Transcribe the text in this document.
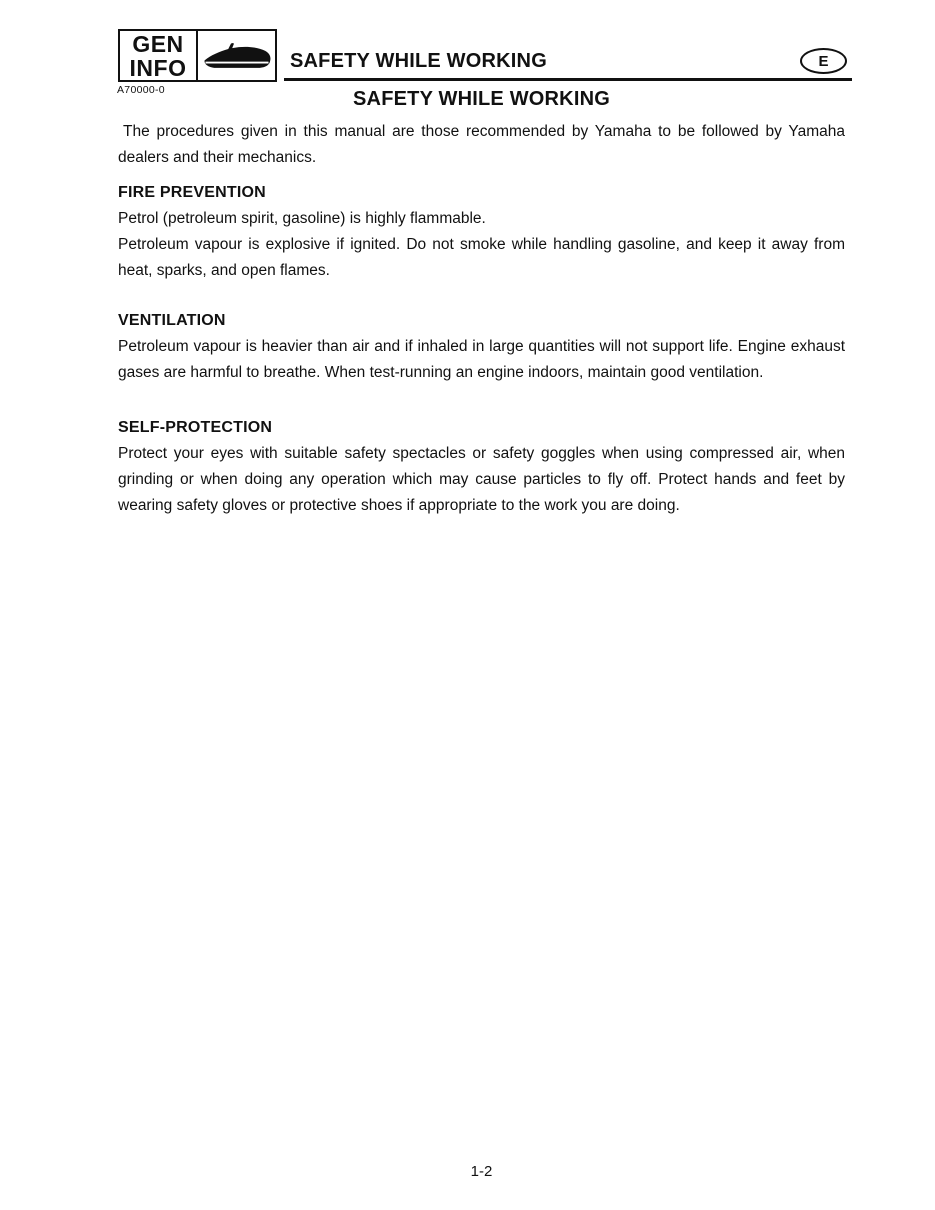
GEN
INFO
A70000-0
SAFETY WHILE WORKING	E
SAFETY WHILE WORKING

The procedures given in this manual are those recommended by Yamaha to be followed by Yamaha dealers and their mechanics.

FIRE PREVENTION

Petrol (petroleum spirit, gasoline) is highly flammable.

Petroleum vapour is explosive if ignited. Do not smoke while handling gasoline, and keep it away from heat, sparks, and open flames.

VENTILATION

Petroleum vapour is heavier than air and if inhaled in large quantities will not support life. Engine exhaust gases are harmful to breathe. When test-running an engine indoors, maintain good ventilation.

SELF-PROTECTION

Protect your eyes with suitable safety spectacles or safety goggles when using compressed air, when grinding or when doing any operation which may cause particles to fly off. Protect hands and feet by wearing safety gloves or protective shoes if appropriate to the work you are doing.

1-2
